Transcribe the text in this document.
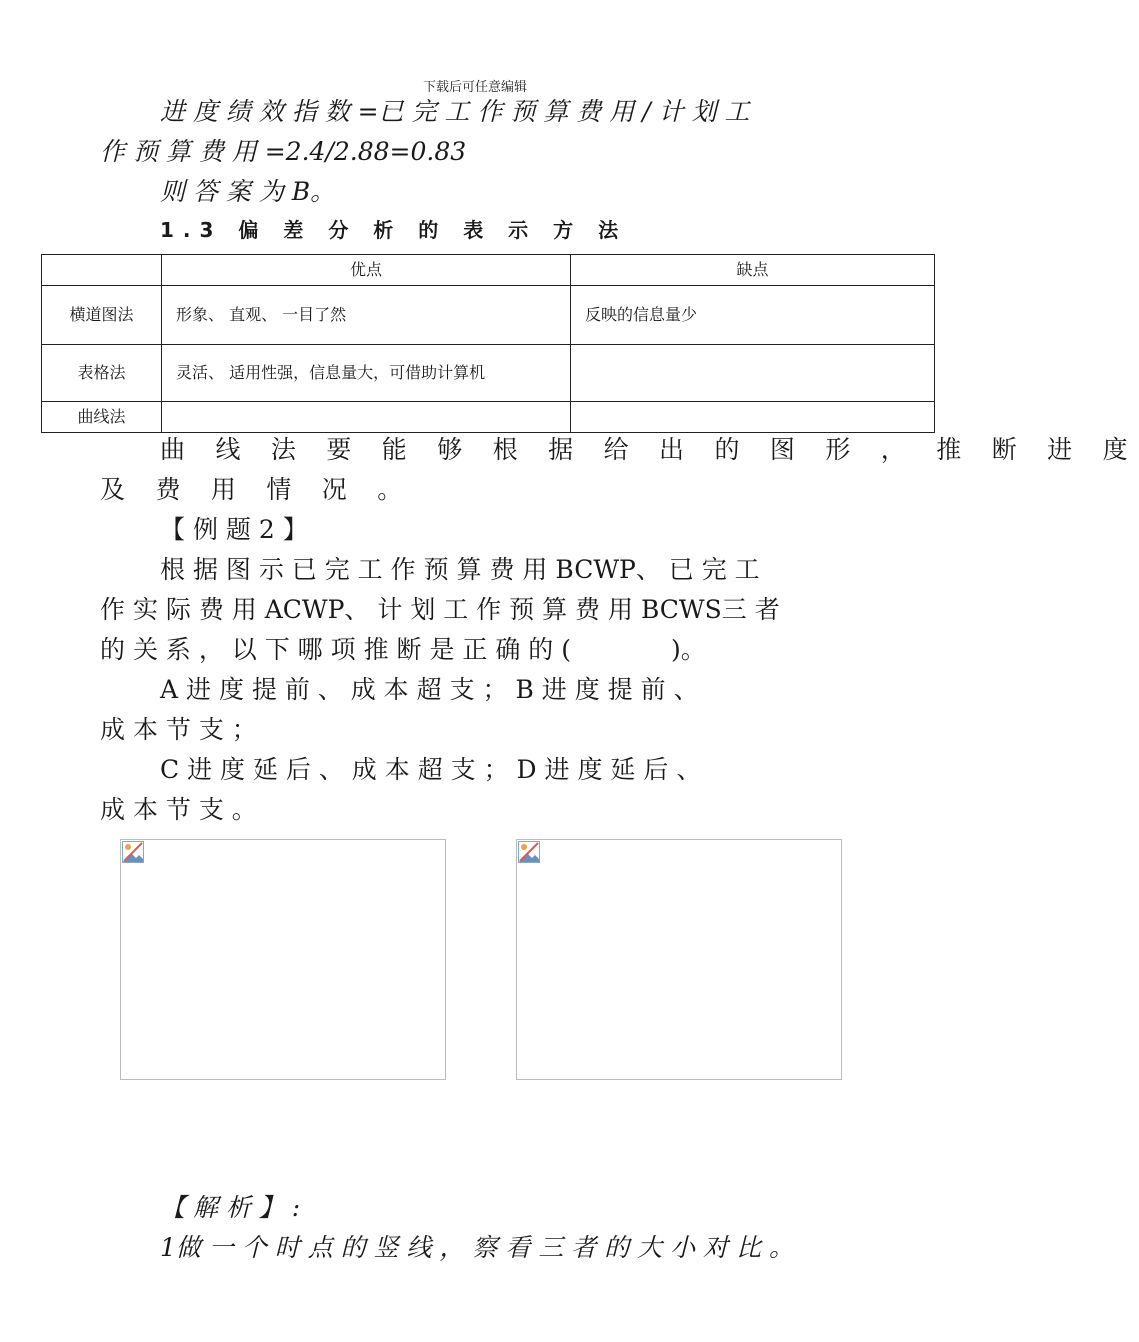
下载后可任意编辑
进 度 绩 效 指 数 =已 完 工 作 预 算 费 用 / 计 划 工
作 预 算 费 用 =2.4/2.88=0.83
则 答 案 为 B。
1.3 偏 差 分 析 的 表 示 方 法
	优点	缺点
横道图法	形象、 直观、 一目了然	反映的信息量少
表格法	灵活、 适用性强，信息量大，可借助计算机	
曲线法		
曲 线 法 要 能 够 根 据 给 出 的 图 形 ， 推 断 进 度
及 费 用 情 况 。
【 例 题 2 】
根 据 图 示 已 完 工 作 预 算 费 用 BCWP、 已 完 工
作 实 际 费 用 ACWP、 计 划 工 作 预 算 费 用 BCWS三 者
的 关 系 ， 以 下 哪 项 推 断 是 正 确 的 (　　　　)。
A 进 度 提 前 、 成 本 超 支 ； B 进 度 提 前 、
成 本 节 支 ；
C 进 度 延 后 、 成 本 超 支 ； D 进 度 延 后 、
成 本 节 支 。
【 解 析 】 :
1做 一 个 时 点 的 竖 线 ， 察 看 三 者 的 大 小 对 比 。
